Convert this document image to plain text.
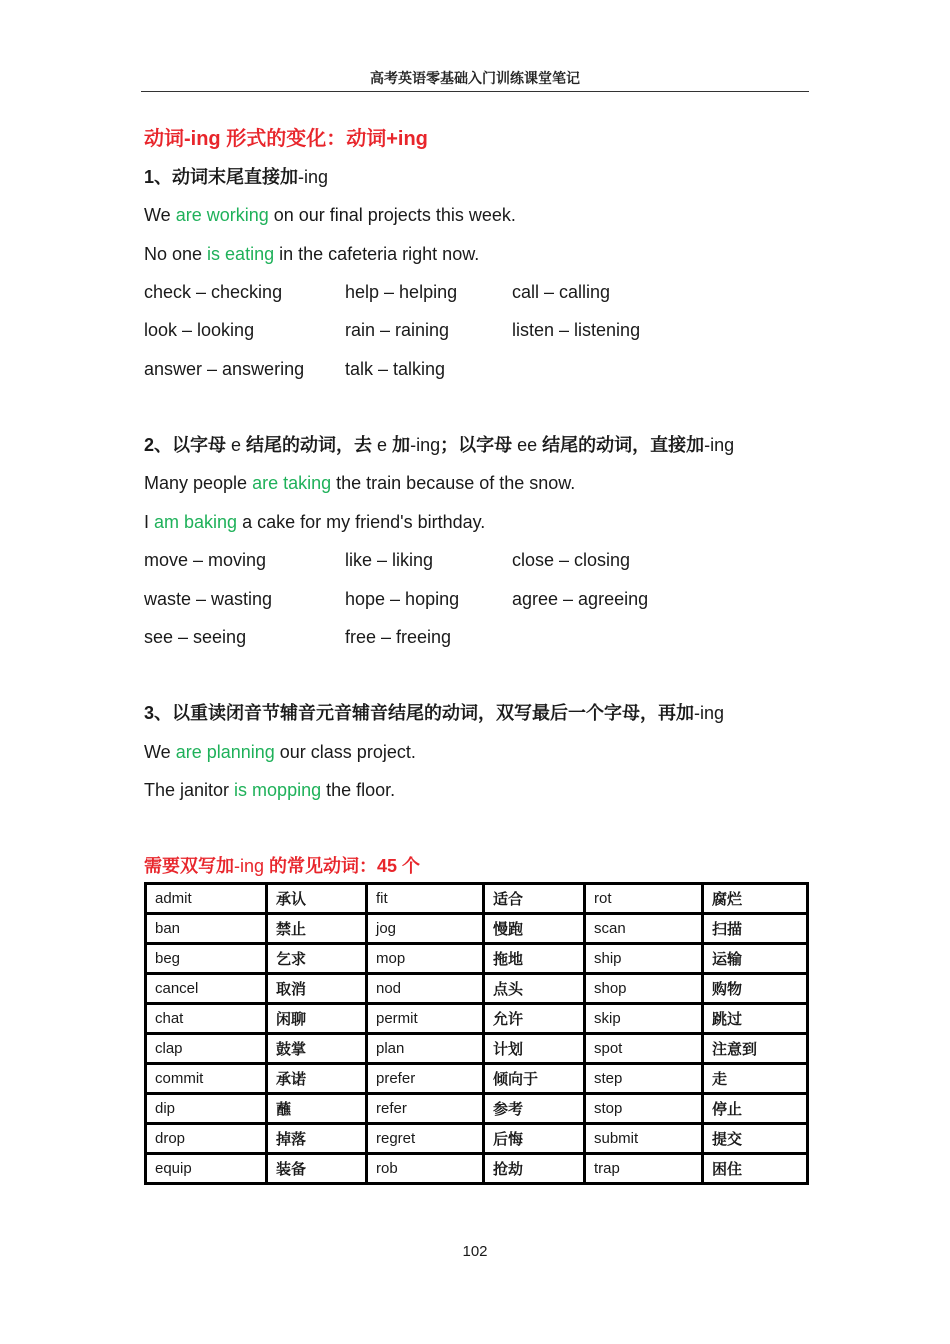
高考英语零基础入门训练课堂笔记
动词-ing 形式的变化：动词+ing
1、动词末尾直接加-ing
We are working on our final projects this week.
No one is eating in the cafeteria right now.
check – checking	help – helping	call – calling
look – looking	rain – raining	listen – listening
answer – answering talk – talking
2、以字母 e 结尾的动词，去 e 加-ing；以字母 ee 结尾的动词，直接加-ing
Many people are taking the train because of the snow.
I am baking a cake for my friend's birthday.
move – moving	like – liking	close – closing
waste – wasting	hope – hoping	agree – agreeing
see – seeing	free – freeing
3、以重读闭音节辅音元音辅音结尾的动词，双写最后一个字母，再加-ing
We are planning our class project.
The janitor is mopping the floor.
需要双写加-ing 的常见动词：45 个
admit	承认	fit	适合	rot	腐烂
ban	禁止	jog	慢跑	scan	扫描
beg	乞求	mop	拖地	ship	运输
cancel	取消	nod	点头	shop	购物
chat	闲聊	permit	允许	skip	跳过
clap	鼓掌	plan	计划	spot	注意到
commit	承诺	prefer	倾向于	step	走
dip	蘸	refer	参考	stop	停止
drop	掉落	regret	后悔	submit	提交
equip	装备	rob	抢劫	trap	困住
102
